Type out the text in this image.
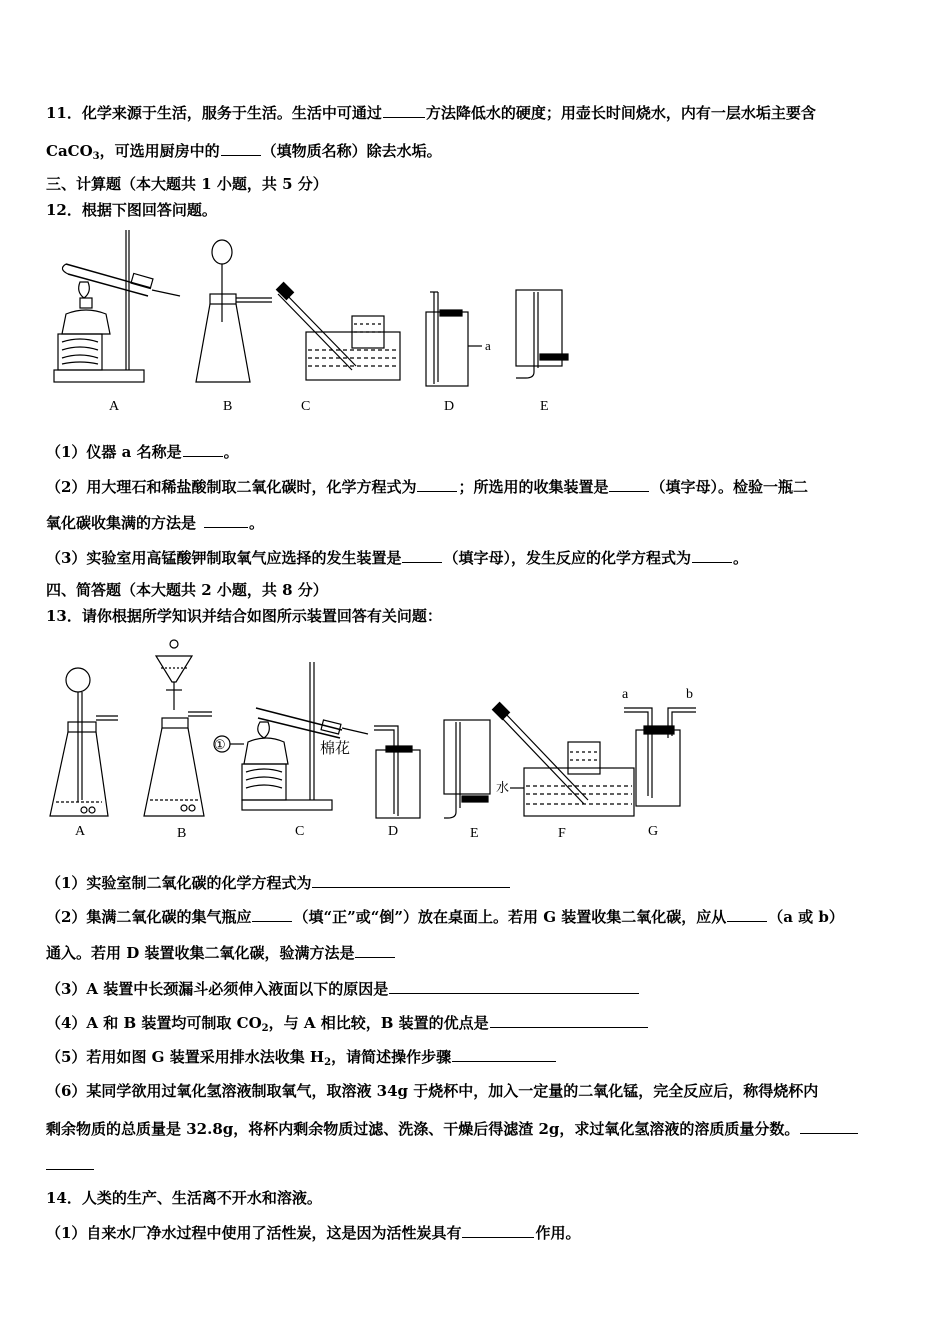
11．化学来源于生活，服务于生活。生活中可通过	方法降低水的硬度；用壶长时间烧水，内有一层水垢主要含
CaCO$_3$，可选用厨房中的	（填物质名称）除去水垢。
三、计算题（本大题共 1 小题，共 5 分）
12．根据下图回答问题。
A	B	C	D	E
a
（1）仪器 a 名称是	。
（2）用大理石和稀盐酸制取二氧化碳时，化学方程式为	；所选用的收集装置是	（填字母）。检验一瓶二
氧化碳收集满的方法是	。
（3）实验室用高锰酸钾制取氧气应选择的发生装置是	（填字母），发生反应的化学方程式为	。
四、简答题（本大题共 2 小题，共 8 分）
13．请你根据所学知识并结合如图所示装置回答有关问题：
A	B	C	D	E	F	G
①	棉花
水
a	b
（1）实验室制二氧化碳的化学方程式为
（2）集满二氧化碳的集气瓶应	（填“正”或“倒”）放在桌面上。若用 G 装置收集二氧化碳，应从	（a 或 b）
通入。若用 D 装置收集二氧化碳，验满方法是
（3）A 装置中长颈漏斗必须伸入液面以下的原因是
（4）A 和 B 装置均可制取 $CO_2$，与 A 相比较，B 装置的优点是
（5）若用如图 G 装置采用排水法收集 $H_2$，请简述操作步骤
（6）某同学欲用过氧化氢溶液制取氧气，取溶液 34g 于烧杯中，加入一定量的二氧化锰，完全反应后，称得烧杯内
剩余物质的总质量是 32.8g，将杯内剩余物质过滤、洗涤、干燥后得滤渣 2g，求过氧化氢溶液的溶质质量分数。
14．人类的生产、生活离不开水和溶液。
（1）自来水厂净水过程中使用了活性炭，这是因为活性炭具有	作用。
